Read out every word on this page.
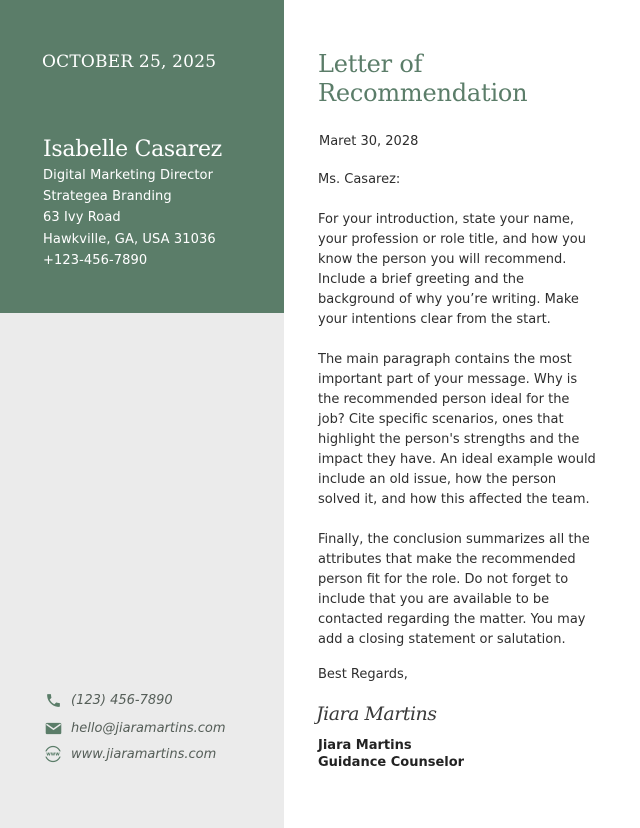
OCTOBER 25, 2025
Isabelle Casarez
Digital Marketing Director
Strategea Branding
63 Ivy Road
Hawkville, GA, USA 31036
+123-456-7890
(123) 456-7890
hello@jiaramartins.com
www www.jiaramartins.com
Letter of
Recommendation
Maret 30, 2028
Ms. Casarez:
For your introduction, state your name, your profession or role title, and how you know the person you will recommend. Include a brief greeting and the background of why you’re writing. Make your intentions clear from the start.
The main paragraph contains the most important part of your message. Why is the recommended person ideal for the job? Cite specific scenarios, ones that highlight the person's strengths and the impact they have. An ideal example would include an old issue, how the person solved it, and how this affected the team.
Finally, the conclusion summarizes all the attributes that make the recommended person fit for the role. Do not forget to include that you are available to be contacted regarding the matter. You may add a closing statement or salutation.
Best Regards,
Jiara Martins
Jiara Martins
Guidance Counselor
